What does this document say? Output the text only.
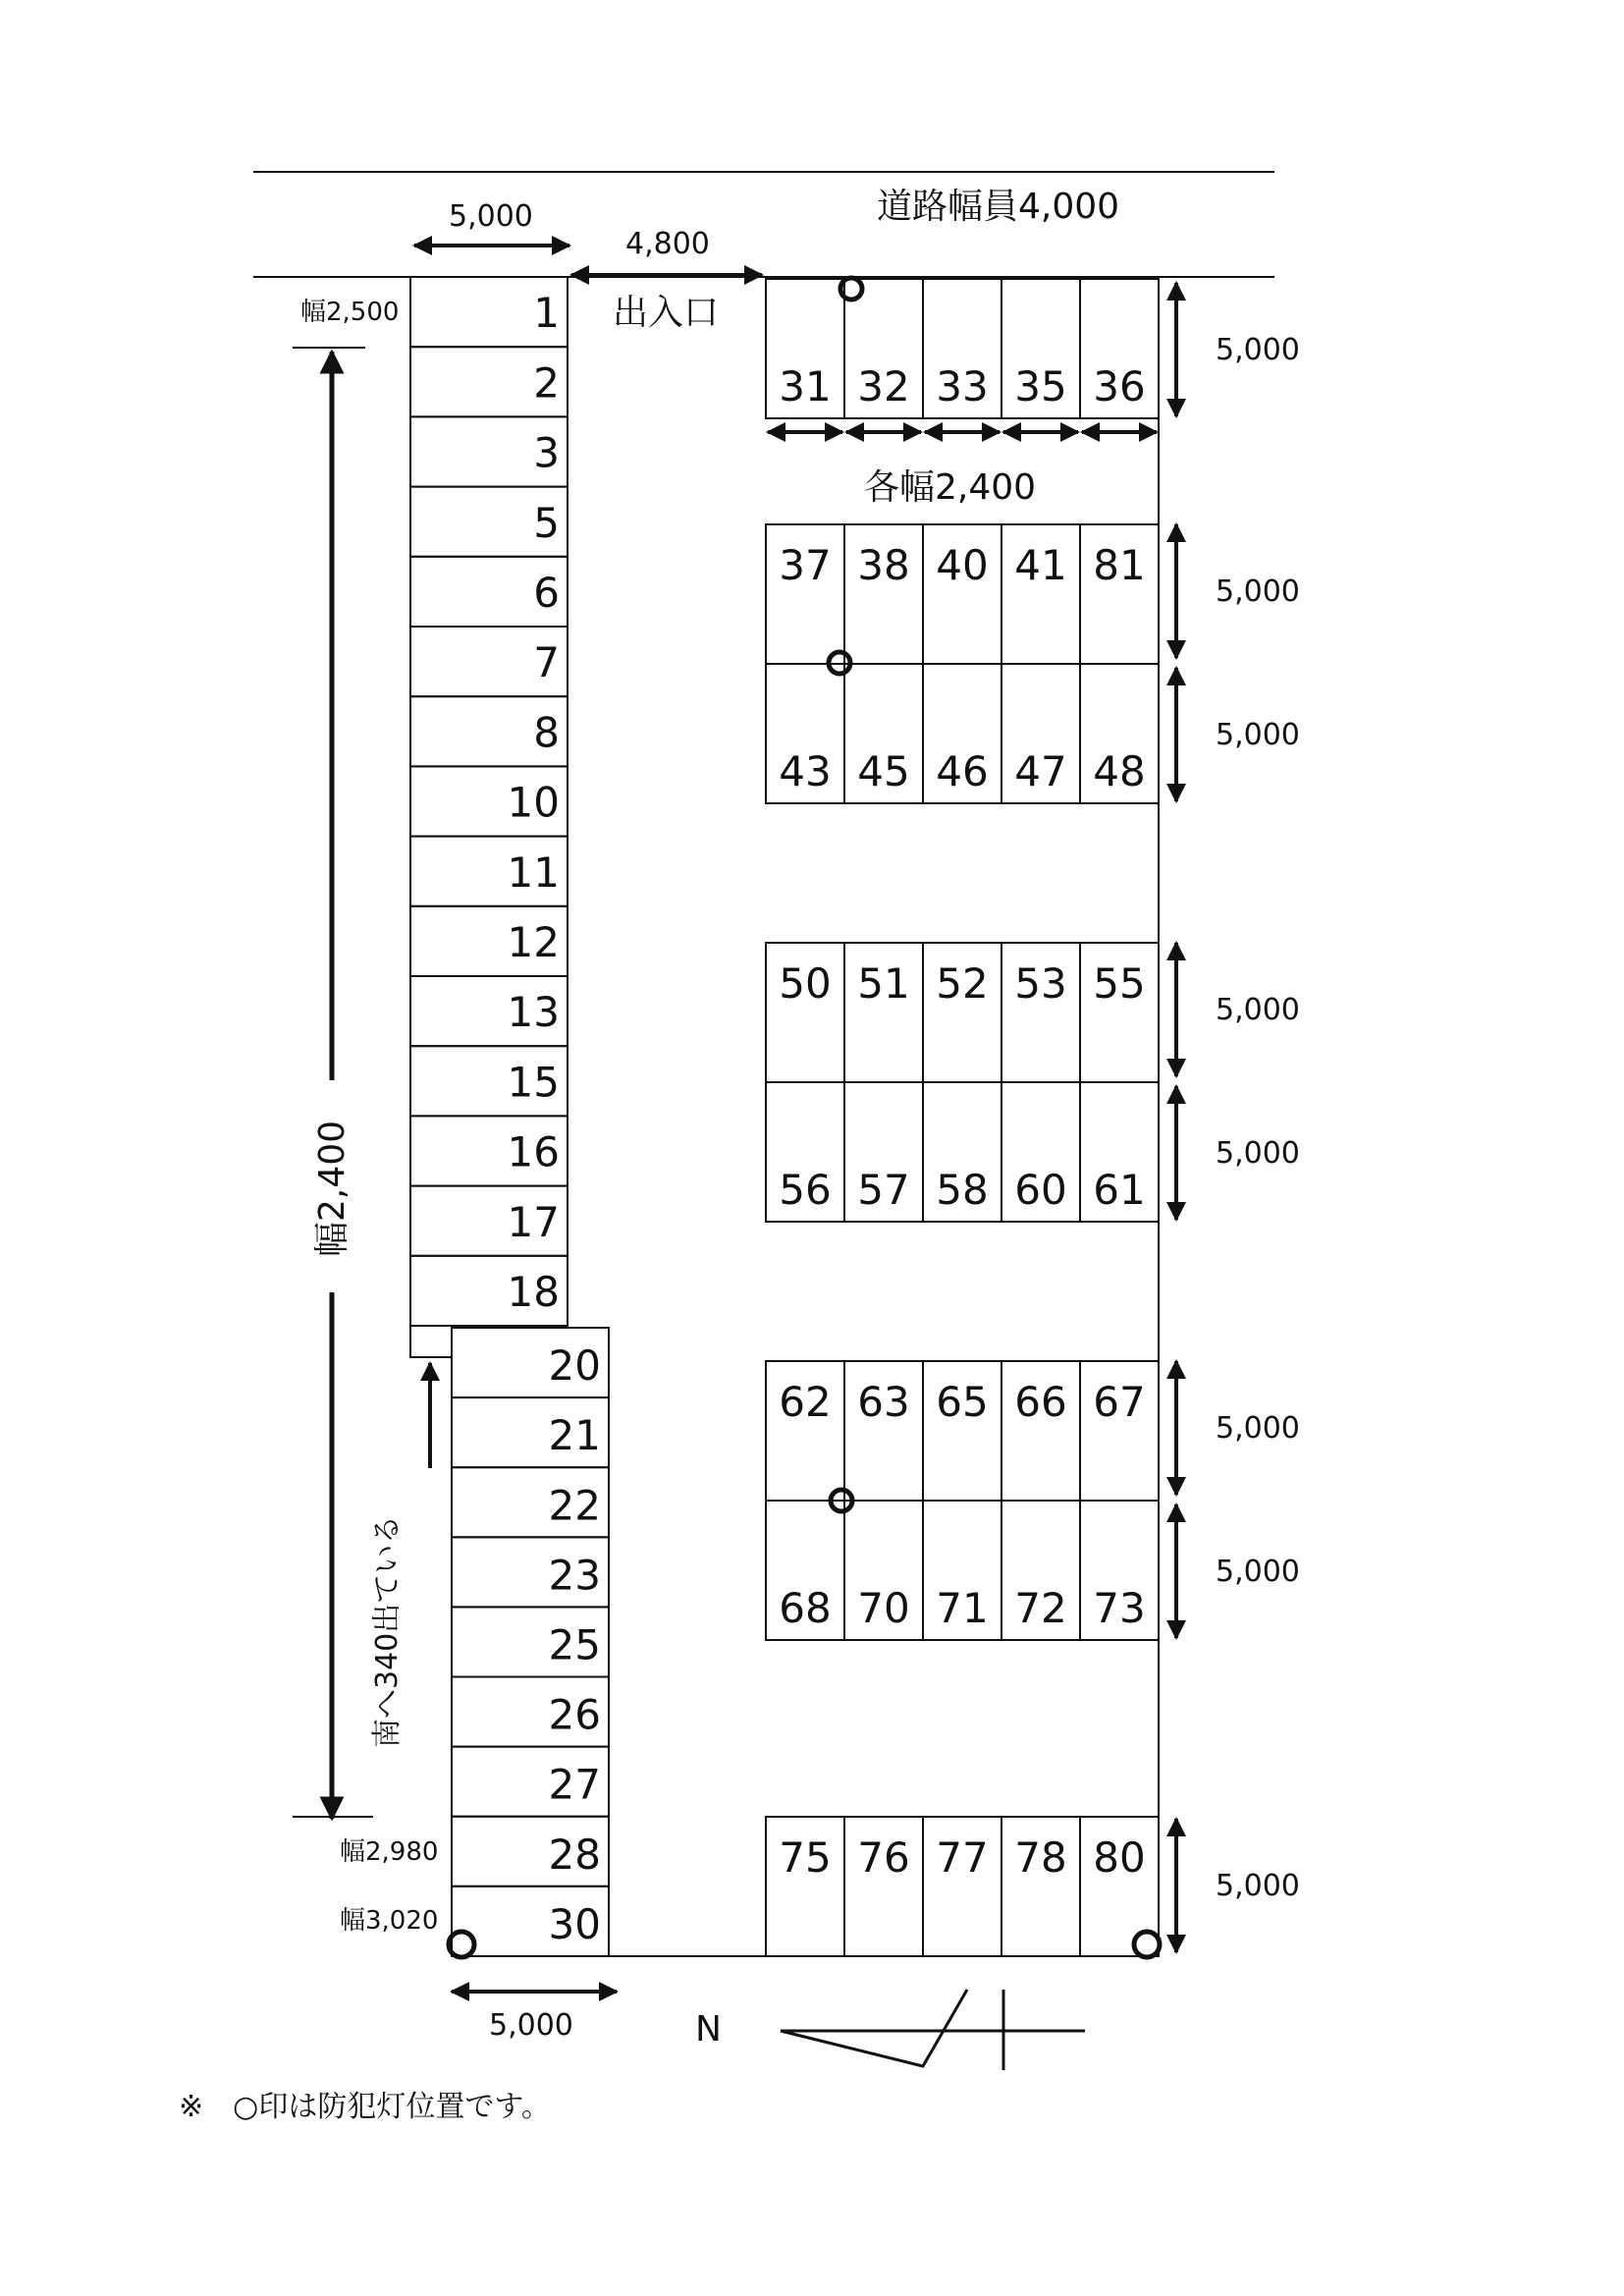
道路幅員4,000
5,000
4,800
出入口
幅2,500
幅2,400
南へ340出ている
幅2,980
幅3,020
1
2
3
5
6
7
8
10
11
12
13
15
16
17
18
20
21
22
23
25
26
27
28
30
31 32 33 35 36
37 38 40 41 81
43 45 46 47 48
50 51 52 53 55
56 57 58 60 61
62 63 65 66 67
68 70 71 72 73
75 76 77 78 80
各幅2,400
5,000
5,000
5,000
5,000
5,000
5,000
5,000
5,000
5,000	N
※　○印は防犯灯位置です。
